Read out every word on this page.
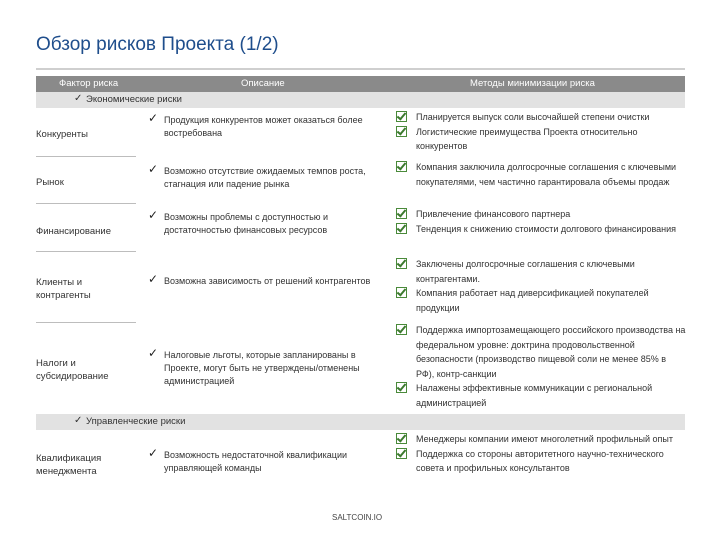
Обзор рисков Проекта (1/2)
Фактор риска	Описание	Методы минимизации риска
✓ Экономические риски
Конкуренты
✓ Продукция конкурентов может оказаться более востребована
Планируется выпуск соли высочайшей степени очистки
Логистические преимущества Проекта относительно конкурентов
Рынок
✓ Возможно отсутствие ожидаемых темпов роста, стагнация или падение рынка
Компания заключила долгосрочные соглашения с ключевыми покупателями, чем частично гарантировала объемы продаж
Финансирование
✓ Возможны проблемы с доступностью и достаточностью финансовых ресурсов
Привлечение финансового партнера
Тенденция к снижению стоимости долгового финансирования
Клиенты и контрагенты
✓ Возможна зависимость от решений контрагентов
Заключены долгосрочные соглашения с ключевыми контрагентами.
Компания работает над диверсификацией покупателей продукции
Налоги и субсидирование
✓ Налоговые льготы, которые запланированы в Проекте, могут быть не утверждены/отменены администрацией
Поддержка импортозамещающего российского производства на федеральном уровне: доктрина продовольственной безопасности (производство пищевой соли не менее 85% в РФ), контр-санкции
Налажены эффективные коммуникации с региональной администрацией
✓ Управленческие риски
Квалификация менеджмента
✓ Возможность недостаточной квалификации управляющей команды
Менеджеры компании имеют многолетний профильный опыт
Поддержка со стороны авторитетного научно-технического совета и профильных консультантов
SALTCOIN.IO
